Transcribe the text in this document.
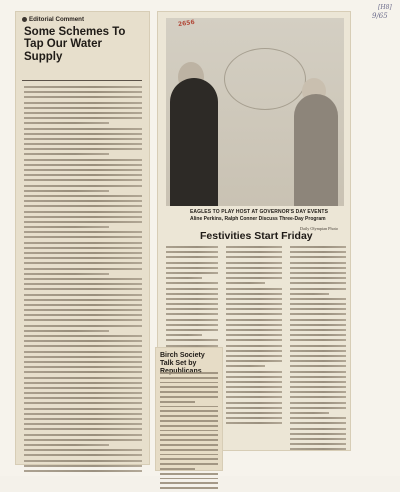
[H8]
9/65
Editorial Comment
Some Schemes To Tap Our Water Supply
2656
EAGLES TO PLAY HOST AT GOVERNOR'S DAY EVENTS
Aline Perkins, Ralph Conner Discuss Three-Day Program
Daily Olympian Photo
Festivities Start Friday
Birch Society Talk Set by
